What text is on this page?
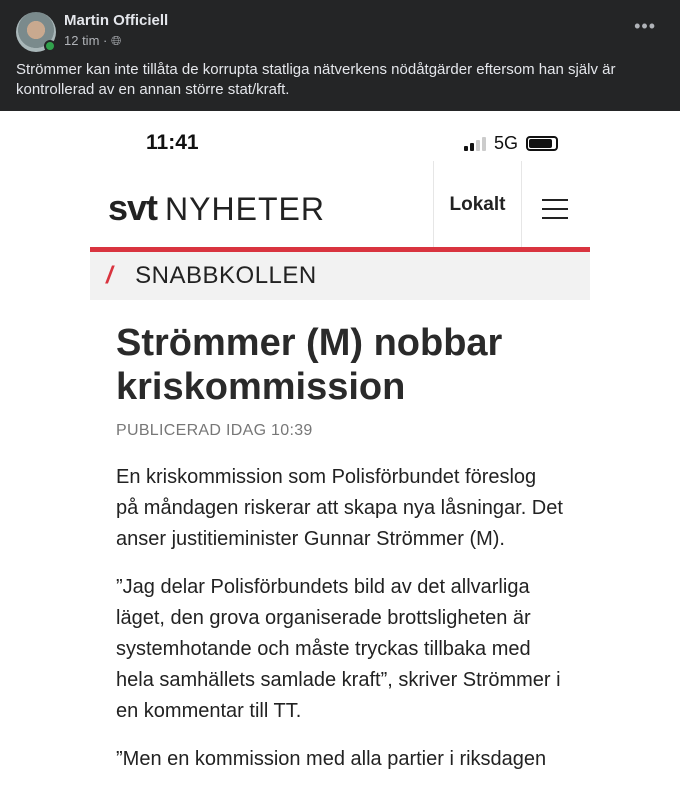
Martin Officiell
12 tim · 🌐︎
•••
Strömmer kan inte tillåta de korrupta statliga nätverkens nödåtgärder eftersom han själv är kontrollerad av en annan större stat/kraft.
11:41	5G
svt NYHETER	Lokalt
/ SNABBKOLLEN
Strömmer (M) nobbar kriskommission
PUBLICERAD IDAG 10:39

En kriskommission som Polisförbundet föreslog
på måndagen riskerar att skapa nya låsningar. Det
anser justitieminister Gunnar Strömmer (M).

”Jag delar Polisförbundets bild av det allvarliga
läget, den grova organiserade brottsligheten är
systemhotande och måste tryckas tillbaka med
hela samhällets samlade kraft”, skriver Strömmer i
en kommentar till TT.

”Men en kommission med alla partier i riksdagen
